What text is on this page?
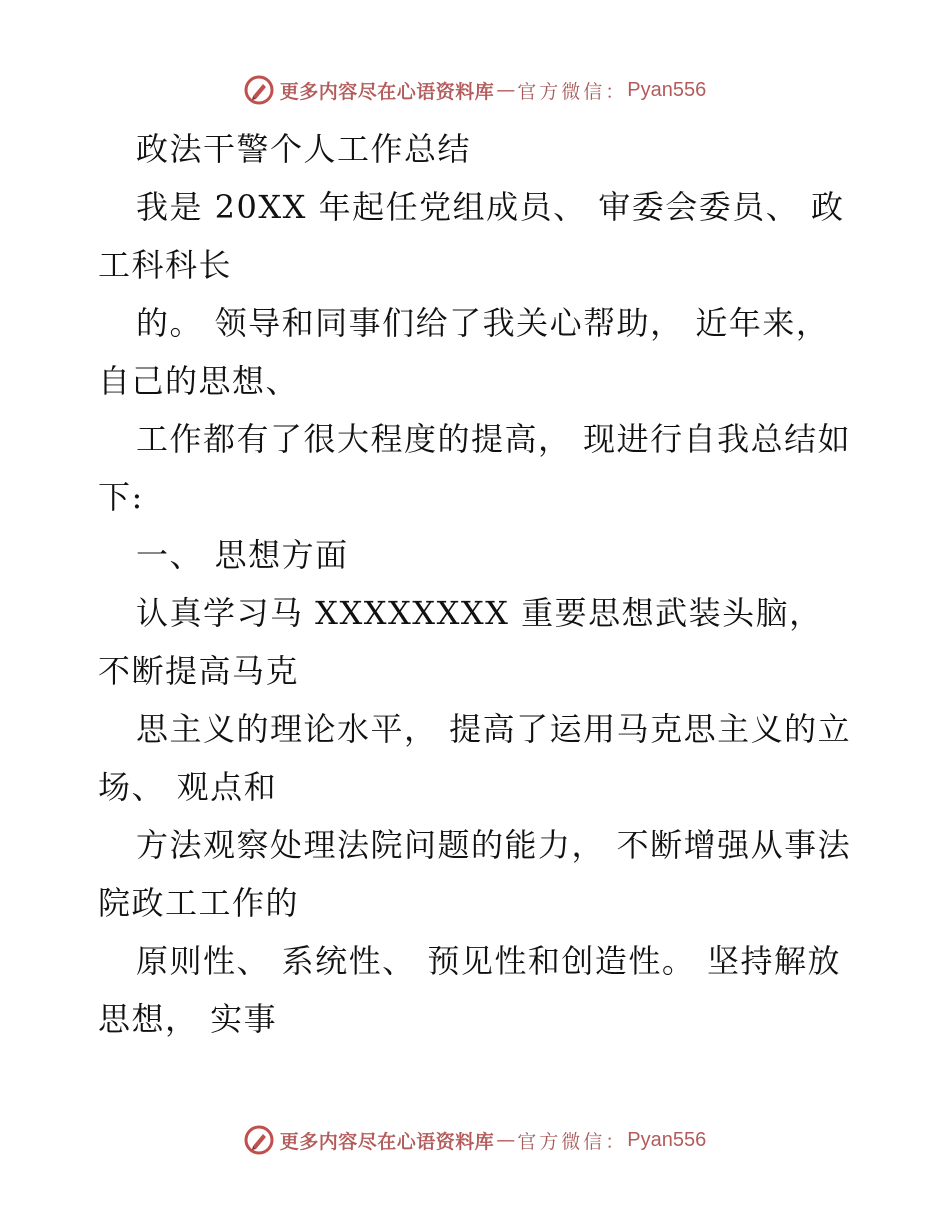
更多内容尽在心语资料库 — 官方微信： Pyan556

政法干警个人工作总结

我是 20XX 年起任党组成员、 审委会委员、 政工科科长

的。 领导和同事们给了我关心帮助， 近年来，自己的思想、

工作都有了很大程度的提高， 现进行自我总结如下:

一、 思想方面

认真学习马 XXXXXXXX 重要思想武装头脑， 不断提高马克

思主义的理论水平， 提高了运用马克思主义的立场、 观点和

方法观察处理法院问题的能力， 不断增强从事法院政工工作的

原则性、 系统性、 预见性和创造性。 坚持解放思想， 实事

更多内容尽在心语资料库 — 官方微信： Pyan556
